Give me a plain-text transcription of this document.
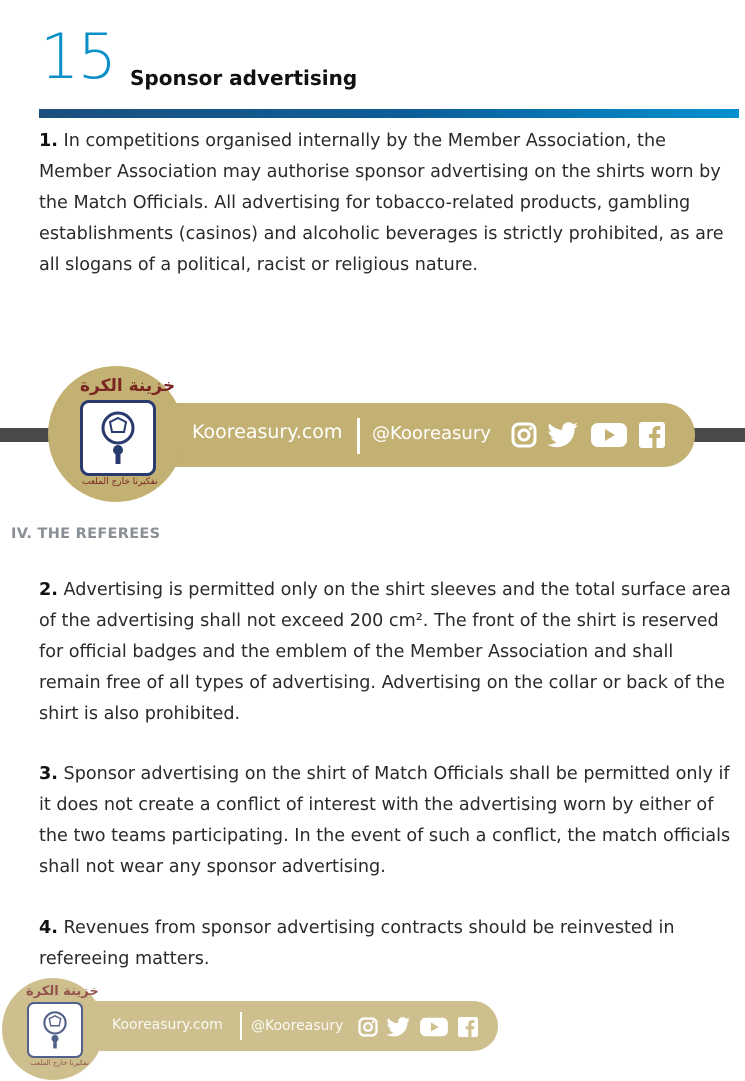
15 Sponsor advertising

1. In competitions organised internally by the Member Association, the Member Association may authorise sponsor advertising on the shirts worn by the Match Officials. All advertising for tobacco-related products, gambling establishments (casinos) and alcoholic beverages is strictly prohibited, as are all slogans of a political, racist or religious nature.

خزينة الكرة
نفكيرنا خارج الملعب
Kooreasury.com @Kooreasury
IV. THE REFEREES

2. Advertising is permitted only on the shirt sleeves and the total surface area of the advertising shall not exceed 200 cm². The front of the shirt is reserved for official badges and the emblem of the Member Association and shall remain free of all types of advertising. Advertising on the collar or back of the shirt is also prohibited.

3. Sponsor advertising on the shirt of Match Officials shall be permitted only if it does not create a conflict of interest with the advertising worn by either of the two teams participating. In the event of such a conflict, the match officials shall not wear any sponsor advertising.

4. Revenues from sponsor advertising contracts should be reinvested in refereeing matters.

خزينة الكرة
نفكيرنا خارج الملعب
Kooreasury.com @Kooreasury
